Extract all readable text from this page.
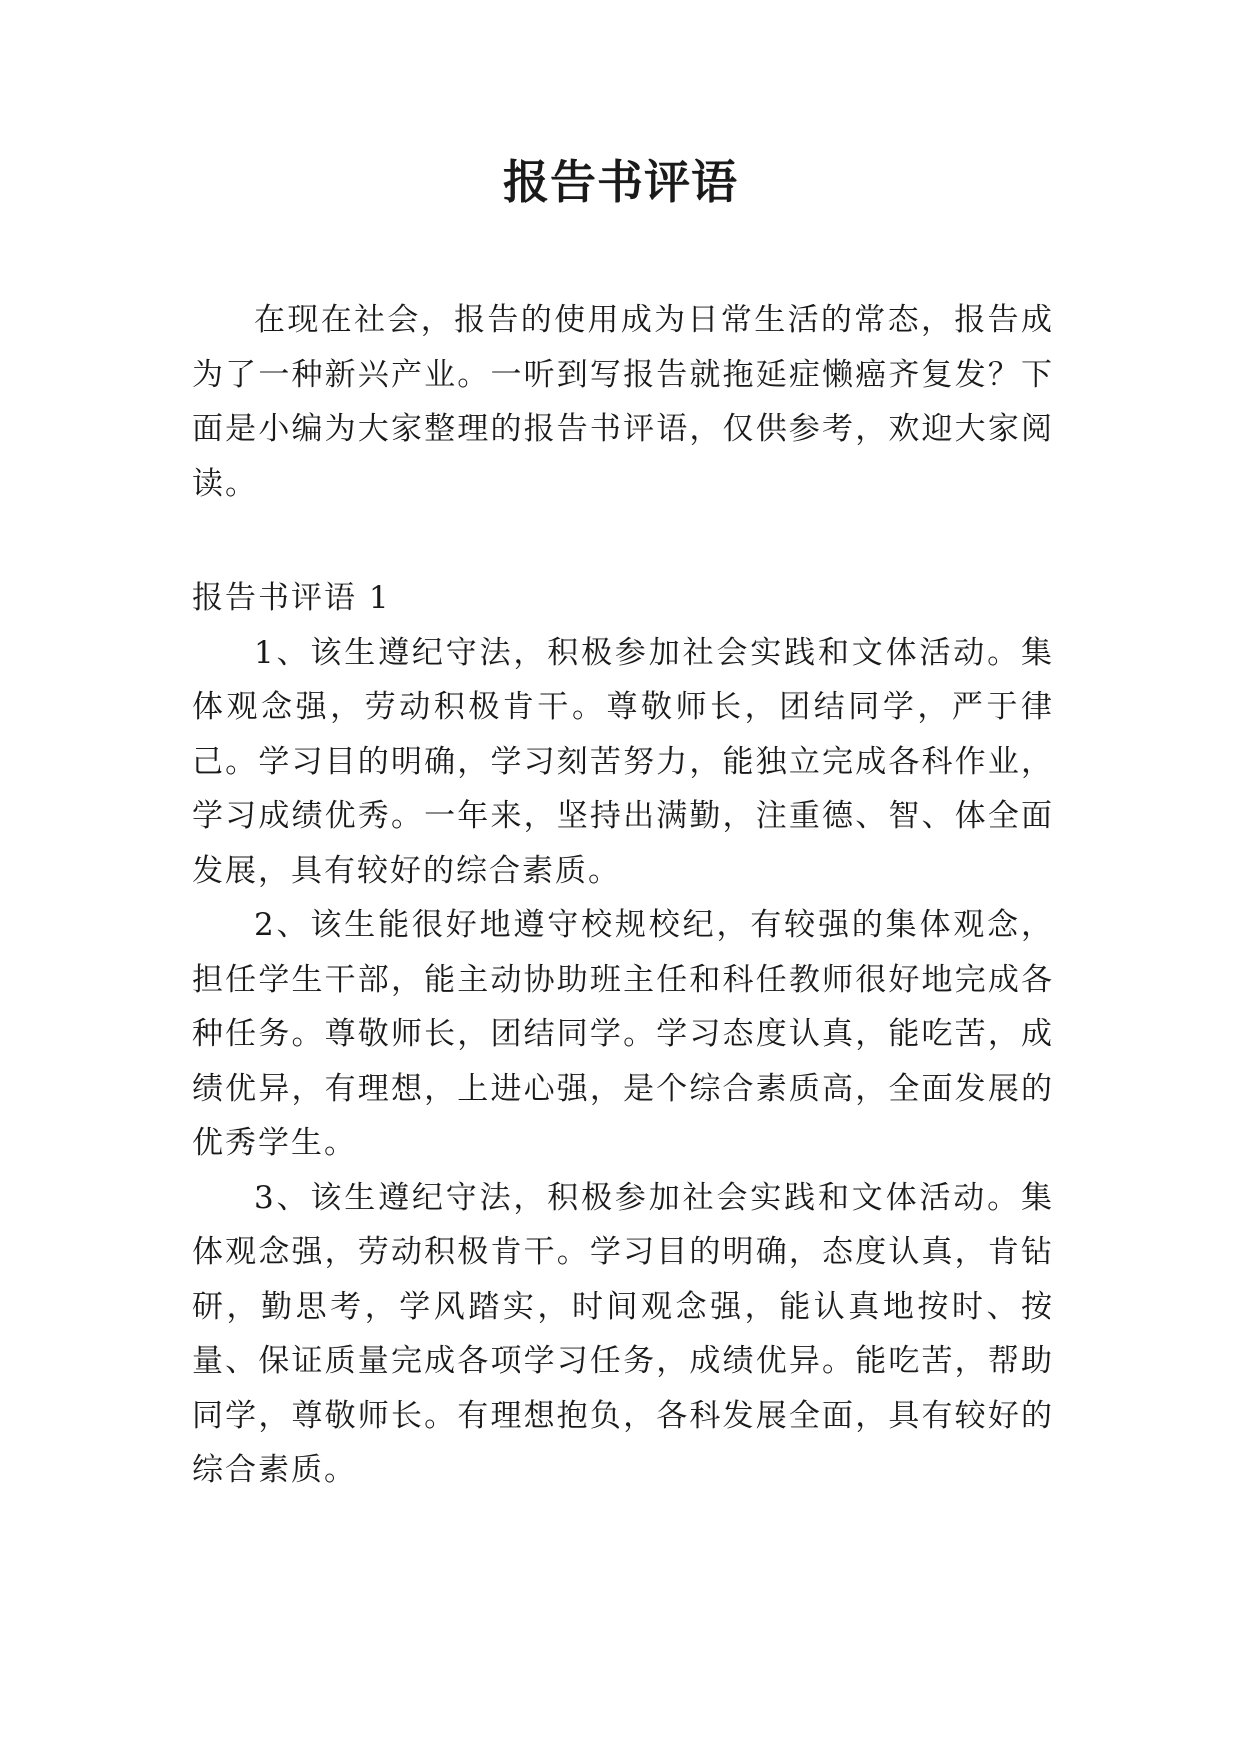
报告书评语

在现在社会，报告的使用成为日常生活的常态，报告成为了一种新兴产业。一听到写报告就拖延症懒癌齐复发？下面是小编为大家整理的报告书评语，仅供参考，欢迎大家阅读。

报告书评语 1

1、该生遵纪守法，积极参加社会实践和文体活动。集体观念强，劳动积极肯干。尊敬师长，团结同学，严于律己。学习目的明确，学习刻苦努力，能独立完成各科作业，学习成绩优秀。一年来，坚持出满勤，注重德、智、体全面发展，具有较好的综合素质。

2、该生能很好地遵守校规校纪，有较强的集体观念，担任学生干部，能主动协助班主任和科任教师很好地完成各种任务。尊敬师长，团结同学。学习态度认真，能吃苦，成绩优异，有理想，上进心强，是个综合素质高，全面发展的优秀学生。

3、该生遵纪守法，积极参加社会实践和文体活动。集体观念强，劳动积极肯干。学习目的明确，态度认真，肯钻研，勤思考，学风踏实，时间观念强，能认真地按时、按量、保证质量完成各项学习任务，成绩优异。能吃苦，帮助同学，尊敬师长。有理想抱负，各科发展全面，具有较好的综合素质。
